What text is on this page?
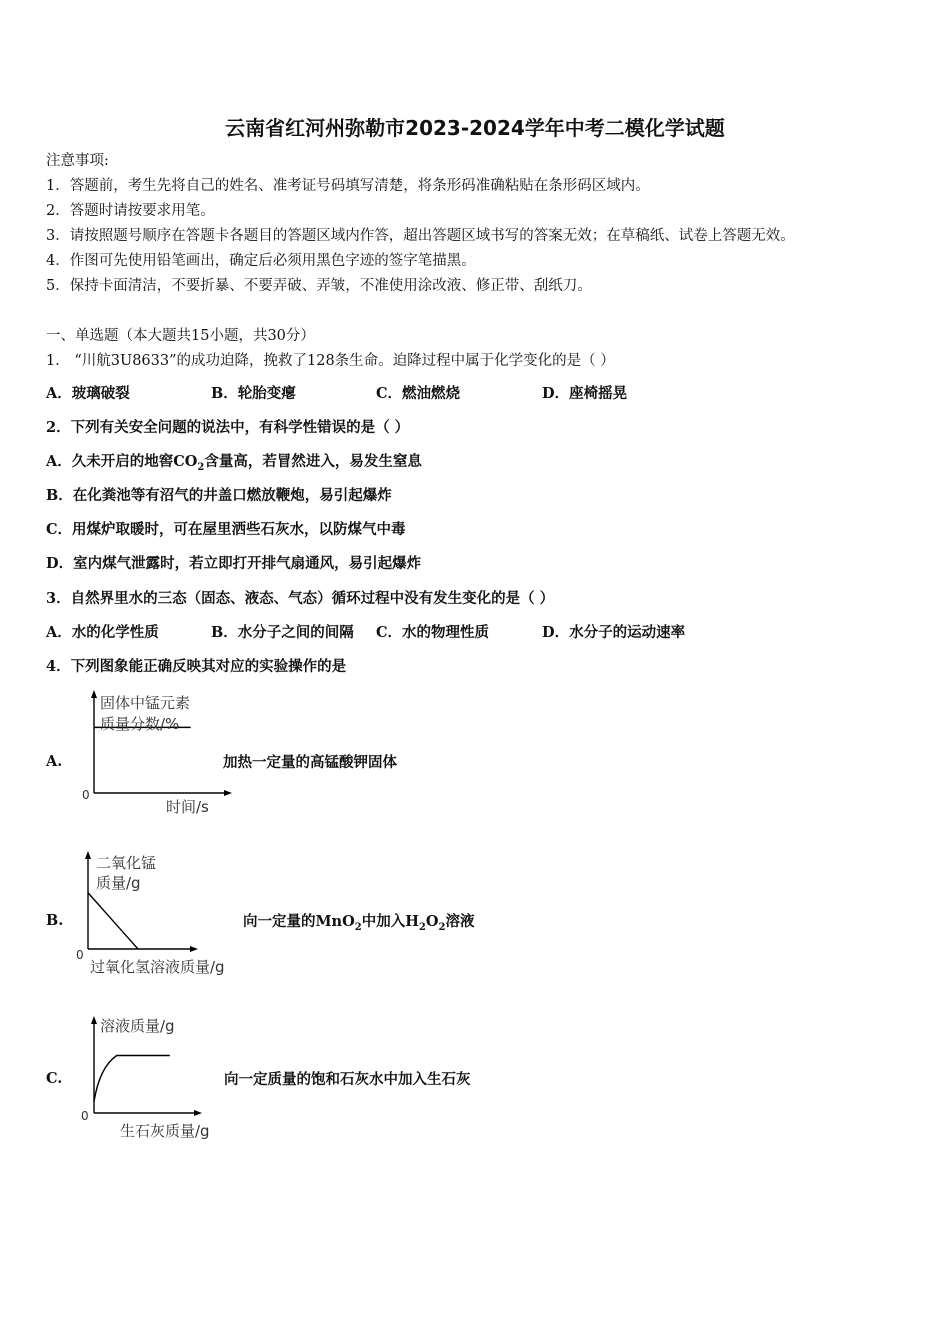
云南省红河州弥勒市2023-2024学年中考二模化学试题
注意事项:
1．答题前，考生先将自己的姓名、准考证号码填写清楚，将条形码准确粘贴在条形码区域内。
2．答题时请按要求用笔。
3．请按照题号顺序在答题卡各题目的答题区域内作答，超出答题区域书写的答案无效；在草稿纸、试卷上答题无效。
4．作图可先使用铅笔画出，确定后必须用黑色字迹的签字笔描黑。
5．保持卡面清洁，不要折暴、不要弄破、弄皱，不准使用涂改液、修正带、刮纸刀。
一、单选题（本大题共15小题，共30分）
1． “川航3U8633”的成功迫降，挽救了128条生命。迫降过程中属于化学变化的是（ ）
A．玻璃破裂	B．轮胎变瘪	C．燃油燃烧	D．座椅摇晃
2．下列有关安全问题的说法中，有科学性错误的是（ ）
A．久未开启的地窖$CO_2$含量高，若冒然进入，易发生窒息
B．在化粪池等有沼气的井盖口燃放鞭炮，易引起爆炸
C．用煤炉取暖时，可在屋里洒些石灰水，以防煤气中毒
D．室内煤气泄露时，若立即打开排气扇通风，易引起爆炸
3．自然界里水的三态（固态、液态、气态）循环过程中没有发生变化的是（ ）
A．水的化学性质	B．水分子之间的间隔 C．水的物理性质	D．水分子的运动速率
4．下列图象能正确反映其对应的实验操作的是
A.
固体中锰元素
质量分数/%
0
时间/s
加热一定量的高锰酸钾固体
B.
二氧化锰
质量/g
0
过氧化氢溶液质量/g
向一定量的MnO$_2$中加入$H_2O_2$溶液
C.
溶液质量/g
0
生石灰质量/g
向一定质量的饱和石灰水中加入生石灰
